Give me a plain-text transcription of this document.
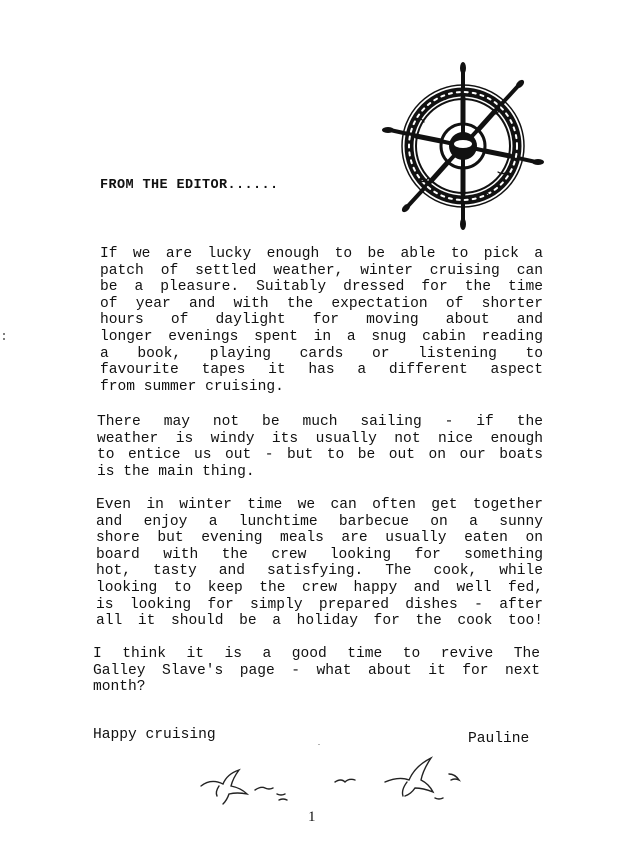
FROM THE EDITOR......
If we are lucky enough to be able to pick a
patch of settled weather, winter cruising can
be a pleasure. Suitably dressed for the time
of year and with the expectation of shorter
hours of daylight for moving about and
longer evenings spent in a snug cabin reading
a book, playing cards or listening to
favourite tapes it has a different aspect
from summer cruising.
There may not be much sailing - if the
weather is windy its usually not nice enough
to entice us out - but to be out on our boats
is the main thing.
Even in winter time we can often get together
and enjoy a lunchtime barbecue on a sunny
shore but evening meals are usually eaten on
board with the crew looking for something
hot, tasty and satisfying. The cook, while
looking to keep the crew happy and well fed,
is looking for simply prepared dishes - after
all it should be a holiday for the cook too!
I think it is a good time to revive The
Galley Slave's page - what about it for next
month?
Happy cruising	Pauline
1
